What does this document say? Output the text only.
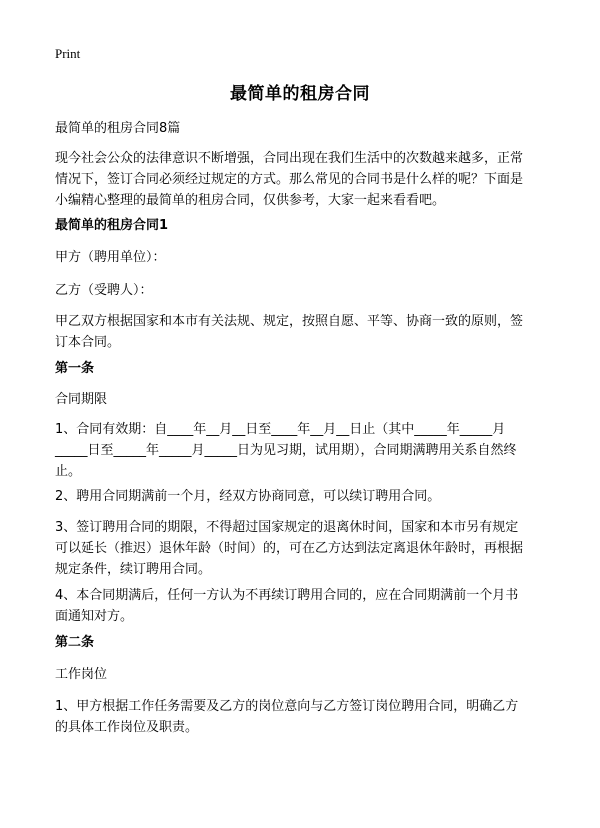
Print
最简单的租房合同

最简单的租房合同8篇

现今社会公众的法律意识不断增强，合同出现在我们生活中的次数越来越多，正常
情况下，签订合同必须经过规定的方式。那么常见的合同书是什么样的呢？下面是
小编精心整理的最简单的租房合同，仅供参考，大家一起来看看吧。

最简单的租房合同1

甲方（聘用单位）：

乙方（受聘人）：

甲乙双方根据国家和本市有关法规、规定，按照自愿、平等、协商一致的原则，签
订本合同。

第一条

合同期限

1、合同有效期：自____年__月__日至____年__月__日止（其中_____年_____月
_____日至_____年_____月_____日为见习期，试用期），合同期满聘用关系自然终
止。

2、聘用合同期满前一个月，经双方协商同意，可以续订聘用合同。

3、签订聘用合同的期限，不得超过国家规定的退离休时间，国家和本市另有规定
可以延长（推迟）退休年龄（时间）的，可在乙方达到法定离退休年龄时，再根据
规定条件，续订聘用合同。

4、本合同期满后，任何一方认为不再续订聘用合同的，应在合同期满前一个月书
面通知对方。

第二条

工作岗位

1、甲方根据工作任务需要及乙方的岗位意向与乙方签订岗位聘用合同，明确乙方
的具体工作岗位及职责。
